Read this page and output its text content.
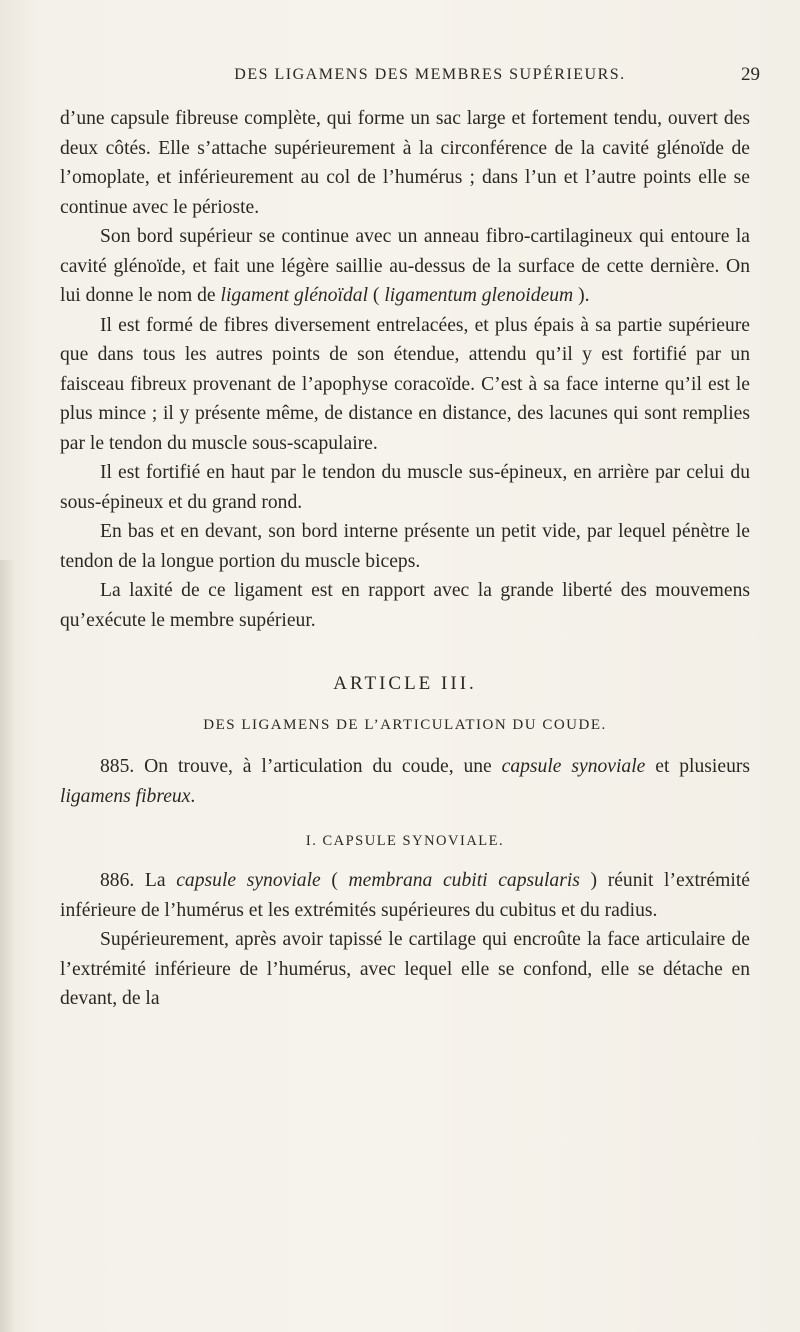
DES LIGAMENS DES MEMBRES SUPÉRIEURS.	29

d’une capsule fibreuse complète, qui forme un sac large et fortement tendu, ouvert des deux côtés. Elle s’attache supérieurement à la circonférence de la cavité glénoïde de l’omoplate, et inférieurement au col de l’humérus ; dans l’un et l’autre points elle se continue avec le périoste.

Son bord supérieur se continue avec un anneau fibro-cartilagineux qui entoure la cavité glénoïde, et fait une légère saillie au-dessus de la surface de cette dernière. On lui donne le nom de ligament glénoïdal ( ligamentum glenoideum ).

Il est formé de fibres diversement entrelacées, et plus épais à sa partie supérieure que dans tous les autres points de son étendue, attendu qu’il y est fortifié par un faisceau fibreux provenant de l’apophyse coracoïde. C’est à sa face interne qu’il est le plus mince ; il y présente même, de distance en distance, des lacunes qui sont remplies par le tendon du muscle sous-scapulaire.

Il est fortifié en haut par le tendon du muscle sus-épineux, en arrière par celui du sous-épineux et du grand rond.

En bas et en devant, son bord interne présente un petit vide, par lequel pénètre le tendon de la longue portion du muscle biceps.

La laxité de ce ligament est en rapport avec la grande liberté des mouvemens qu’exécute le membre supérieur.

ARTICLE III.
DES LIGAMENS DE L’ARTICULATION DU COUDE.

885. On trouve, à l’articulation du coude, une capsule synoviale et plusieurs ligamens fibreux.

I. CAPSULE SYNOVIALE.

886. La capsule synoviale ( membrana cubiti capsularis ) réunit l’extrémité inférieure de l’humérus et les extrémités supérieures du cubitus et du radius.

Supérieurement, après avoir tapissé le cartilage qui encroûte la face articulaire de l’extrémité inférieure de l’humérus, avec lequel elle se confond, elle se détache en devant, de la
